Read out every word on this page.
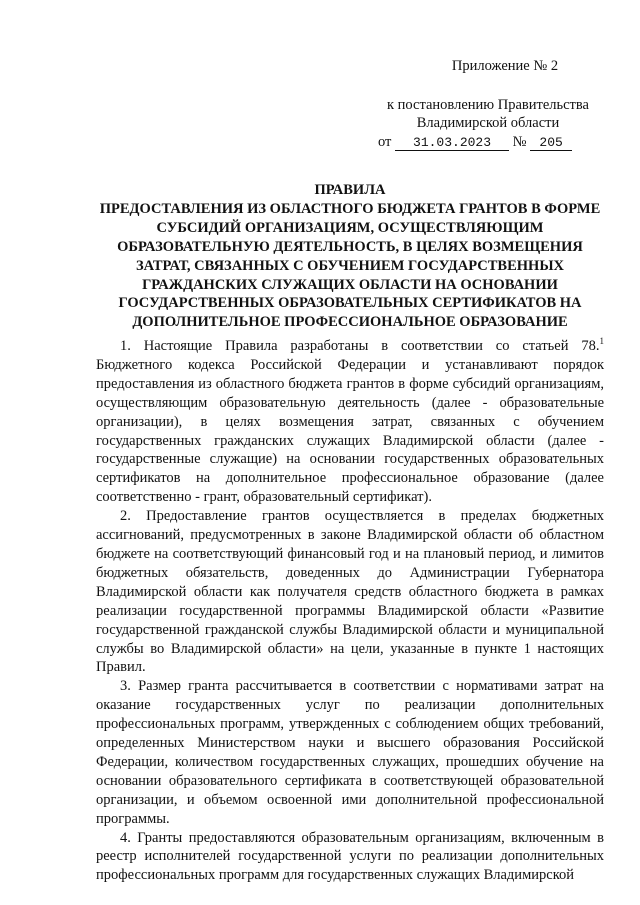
Приложение № 2
к постановлению Правительства
Владимирской области
от 31.03.2023 № 205
ПРАВИЛА
ПРЕДОСТАВЛЕНИЯ ИЗ ОБЛАСТНОГО БЮДЖЕТА ГРАНТОВ В ФОРМЕ СУБСИДИЙ ОРГАНИЗАЦИЯМ, ОСУЩЕСТВЛЯЮЩИМ ОБРАЗОВАТЕЛЬНУЮ ДЕЯТЕЛЬНОСТЬ, В ЦЕЛЯХ ВОЗМЕЩЕНИЯ ЗАТРАТ, СВЯЗАННЫХ С ОБУЧЕНИЕМ ГОСУДАРСТВЕННЫХ ГРАЖДАНСКИХ СЛУЖАЩИХ ОБЛАСТИ НА ОСНОВАНИИ ГОСУДАРСТВЕННЫХ ОБРАЗОВАТЕЛЬНЫХ СЕРТИФИКАТОВ НА ДОПОЛНИТЕЛЬНОЕ ПРОФЕССИОНАЛЬНОЕ ОБРАЗОВАНИЕ

1. Настоящие Правила разработаны в соответствии со статьей 78.$^1$ Бюджетного кодекса Российской Федерации и устанавливают порядок предоставления из областного бюджета грантов в форме субсидий организациям, осуществляющим образовательную деятельность (далее - образовательные организации), в целях возмещения затрат, связанных с обучением государственных гражданских служащих Владимирской области (далее - государственные служащие) на основании государственных образовательных сертификатов на дополнительное профессиональное образование (далее соответственно - грант, образовательный сертификат).

2. Предоставление грантов осуществляется в пределах бюджетных ассигнований, предусмотренных в законе Владимирской области об областном бюджете на соответствующий финансовый год и на плановый период, и лимитов бюджетных обязательств, доведенных до Администрации Губернатора Владимирской области как получателя средств областного бюджета в рамках реализации государственной программы Владимирской области «Развитие государственной гражданской службы Владимирской области и муниципальной службы во Владимирской области» на цели, указанные в пункте 1 настоящих Правил.

3. Размер гранта рассчитывается в соответствии с нормативами затрат на оказание государственных услуг по реализации дополнительных профессиональных программ, утвержденных с соблюдением общих требований, определенных Министерством науки и высшего образования Российской Федерации, количеством государственных служащих, прошедших обучение на основании образовательного сертификата в соответствующей образовательной организации, и объемом освоенной ими дополнительной профессиональной программы.

4. Гранты предоставляются образовательным организациям, включенным в реестр исполнителей государственной услуги по реализации дополнительных профессиональных программ для государственных служащих Владимирской
